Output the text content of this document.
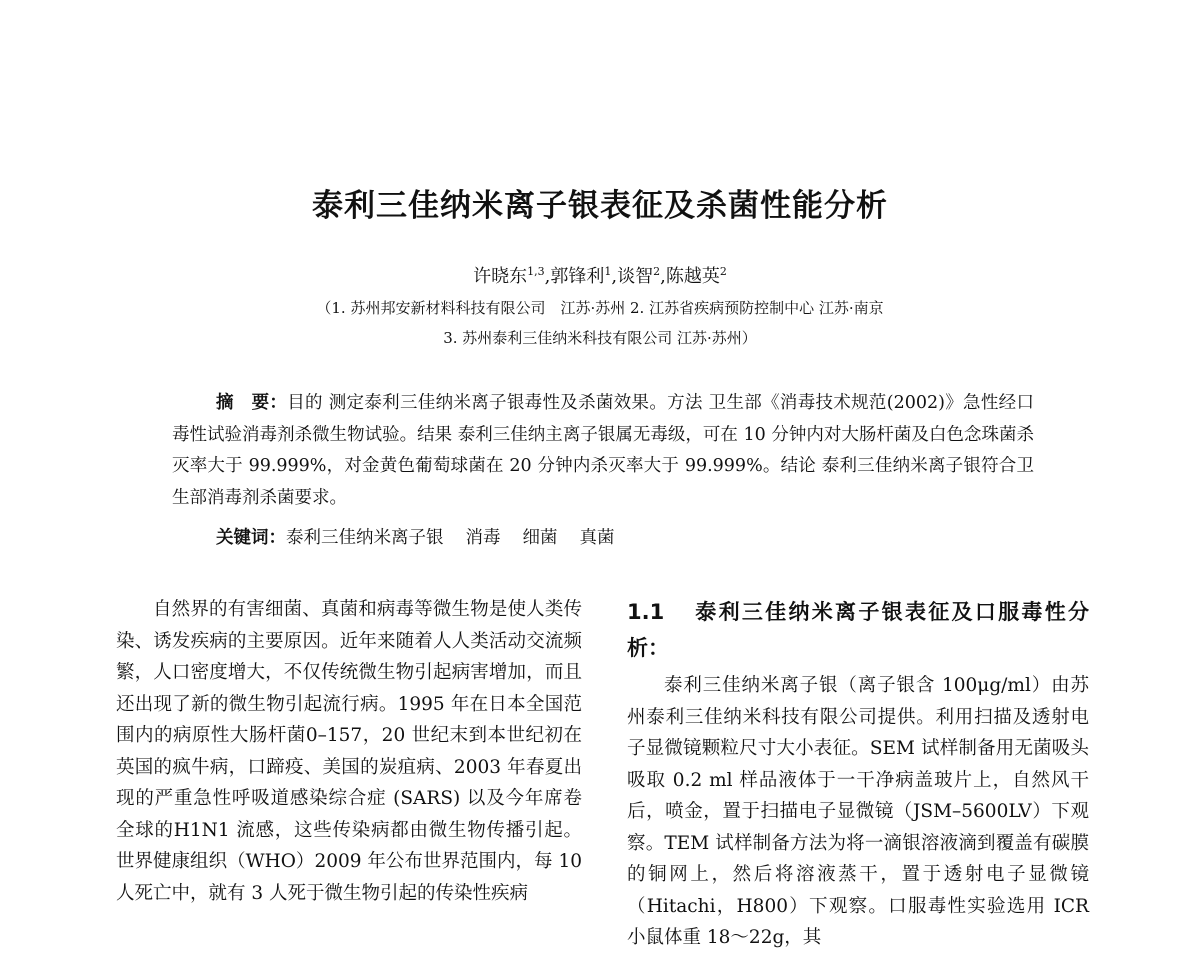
泰利三佳纳米离子银表征及杀菌性能分析
许晓东$^{1,3}$,郭锋利$^1$,谈智$^2$,陈越英$^2$
（1. 苏州邦安新材料科技有限公司　江苏·苏州 2. 江苏省疾病预防控制中心 江苏·南京
3. 苏州泰利三佳纳米科技有限公司 江苏·苏州）

摘　要：目的 测定泰利三佳纳米离子银毒性及杀菌效果。方法 卫生部《消毒技术规范(2002)》急性经口毒性试验消毒剂杀微生物试验。结果 泰利三佳纳主离子银属无毒级，可在 10 分钟内对大肠杆菌及白色念珠菌杀灭率大于 99.999%，对金黄色葡萄球菌在 20 分钟内杀灭率大于 99.999%。结论 泰利三佳纳米离子银符合卫生部消毒剂杀菌要求。

关键词：泰利三佳纳米离子银 消毒 细菌 真菌

自然界的有害细菌、真菌和病毒等微生物是使人类传染、诱发疾病的主要原因。近年来随着人人类活动交流频繁，人口密度增大，不仅传统微生物引起病害增加，而且还出现了新的微生物引起流行病。1995 年在日本全国范围内的病原性大肠杆菌0–157，20 世纪末到本世纪初在英国的疯牛病，口蹄疫、美国的炭疽病、2003 年春夏出现的严重急性呼吸道感染综合症 (SARS) 以及今年席卷全球的H1N1 流感，这些传染病都由微生物传播引起。世界健康组织（WHO）2009 年公布世界范围内，每 10 人死亡中，就有 3 人死于微生物引起的传染性疾病

1.1 泰利三佳纳米离子银表征及口服毒性分析：

泰利三佳纳米离子银（离子银含 100μg/ml）由苏州泰利三佳纳米科技有限公司提供。利用扫描及透射电子显微镜颗粒尺寸大小表征。SEM 试样制备用无菌吸头吸取 0.2 ml 样品液体于一干净病盖玻片上，自然风干后，喷金，置于扫描电子显微镜（JSM–5600LV）下观察。TEM 试样制备方法为将一滴银溶液滴到覆盖有碳膜的铜网上，然后将溶液蒸干，置于透射电子显微镜（Hitachi，H800）下观察。口服毒性实验选用 ICR 小鼠体重 18～22g，其
